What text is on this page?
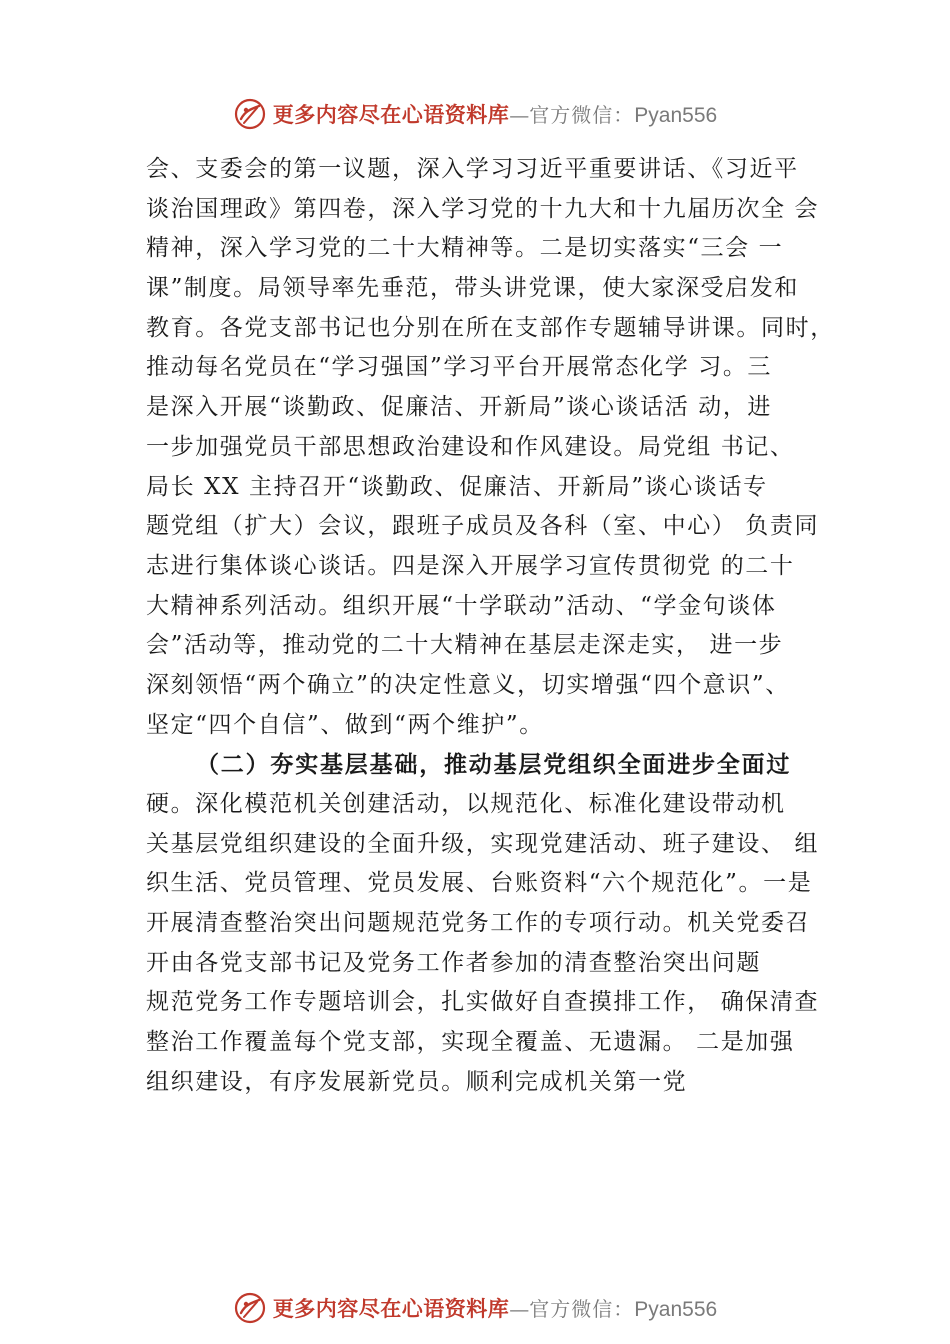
更多内容尽在心语资料库 — 官方微信： Pyan556
会、支委会的第一议题，深入学习习近平重要讲话、《习近平
谈治国理政》第四卷，深入学习党的十九大和十九届历次全 会
精神，深入学习党的二十大精神等。二是切实落实“三会 一
课”制度。局领导率先垂范，带头讲党课，使大家深受启发和
教育。各党支部书记也分别在所在支部作专题辅导讲课。同时，
推动每名党员在“学习强国”学习平台开展常态化学 习。三
是深入开展“谈勤政、促廉洁、开新局”谈心谈话活 动，进
一步加强党员干部思想政治建设和作风建设。局党组 书记、
局长 XX 主持召开“谈勤政、促廉洁、开新局”谈心谈话专
题党组（扩大）会议，跟班子成员及各科（室、中心） 负责同
志进行集体谈心谈话。四是深入开展学习宣传贯彻党 的二十
大精神系列活动。组织开展“十学联动”活动、“学金句谈体
会”活动等，推动党的二十大精神在基层走深走实， 进一步
深刻领悟“两个确立”的决定性意义，切实增强“四个意识”、
坚定“四个自信”、做到“两个维护”。
（二）夯实基层基础，推动基层党组织全面进步全面过
硬。深化模范机关创建活动，以规范化、标准化建设带动机
关基层党组织建设的全面升级，实现党建活动、班子建设、 组
织生活、党员管理、党员发展、台账资料“六个规范化”。一是
开展清查整治突出问题规范党务工作的专项行动。机关党委召
开由各党支部书记及党务工作者参加的清查整治突出问题
规范党务工作专题培训会，扎实做好自查摸排工作， 确保清查
整治工作覆盖每个党支部，实现全覆盖、无遗漏。 二是加强
组织建设，有序发展新党员。顺利完成机关第一党
更多内容尽在心语资料库 — 官方微信： Pyan556
